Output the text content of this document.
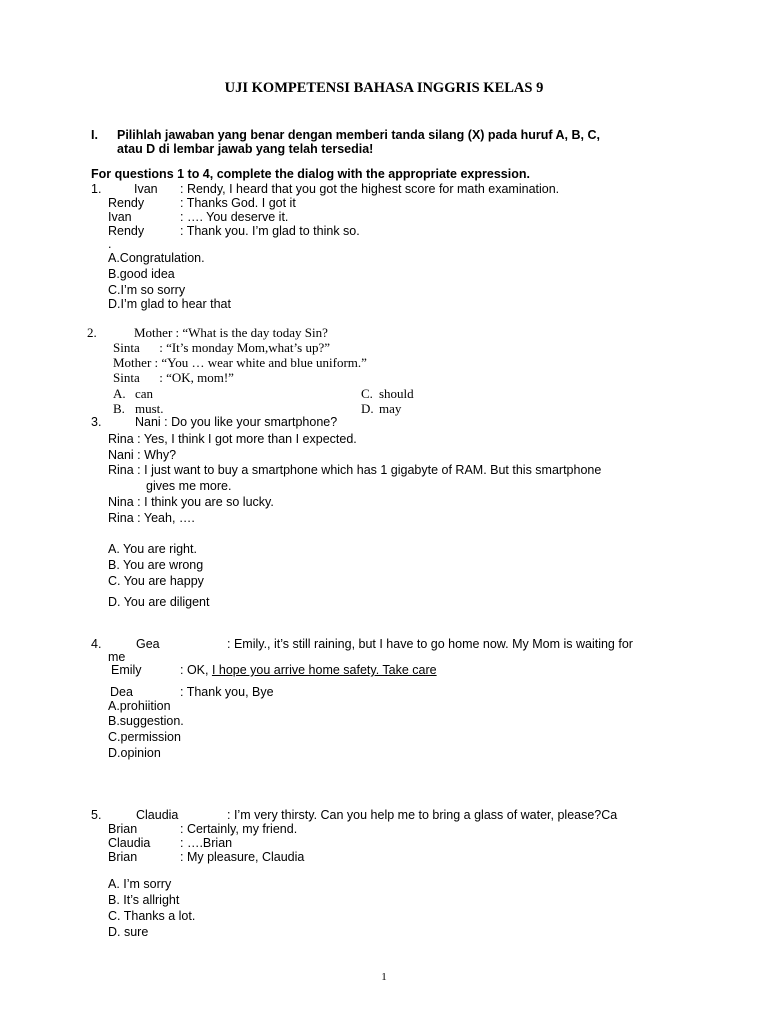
UJI KOMPETENSI BAHASA INGGRIS KELAS 9
I. Pilihlah jawaban yang benar dengan memberi tanda silang (X) pada huruf A, B, C,
atau D di lembar jawab yang telah tersedia!
For questions 1 to 4, complete the dialog with the appropriate expression.
1.	Ivan : Rendy, I heard that you got the highest score for math examination.
Rendy	: Thanks God. I got it
Ivan	: …. You deserve it.
Rendy	: Thank you. I’m glad to think so.
.
A.Congratulation.
B.good idea
C.I’m so sorry
D.I’m glad to hear that
2.	Mother : “What is the day today Sin?
Sinta      : “It’s monday Mom,what’s up?”
Mother : “You … wear white and blue uniform.”
Sinta      : “OK, mom!”
A. can
B. must.
C. should
D. may
3.	Nani : Do you like your smartphone?
Rina : Yes, I think I got more than I expected.
Nani : Why?
Rina : I just want to buy a smartphone which has 1 gigabyte of RAM. But this smartphone
gives me more.
Nina : I think you are so lucky.
Rina : Yeah, ….
A. You are right.
B. You are wrong
C. You are happy
D. You are diligent
4.	Gea	: Emily., it’s still raining, but I have to go home now. My Mom is waiting for
me
Emily	: OK, I hope you arrive home safety. Take care
Dea	: Thank you, Bye
A.prohiition
B.suggestion.
C.permission
D.opinion
5.	Claudia	: I’m very thirsty. Can you help me to bring a glass of water, please?Ca
Brian	: Certainly, my friend.
Claudia : ….Brian
Brian	: My pleasure, Claudia
A. I’m sorry
B. It’s allright
C. Thanks a lot.
D. sure
1
